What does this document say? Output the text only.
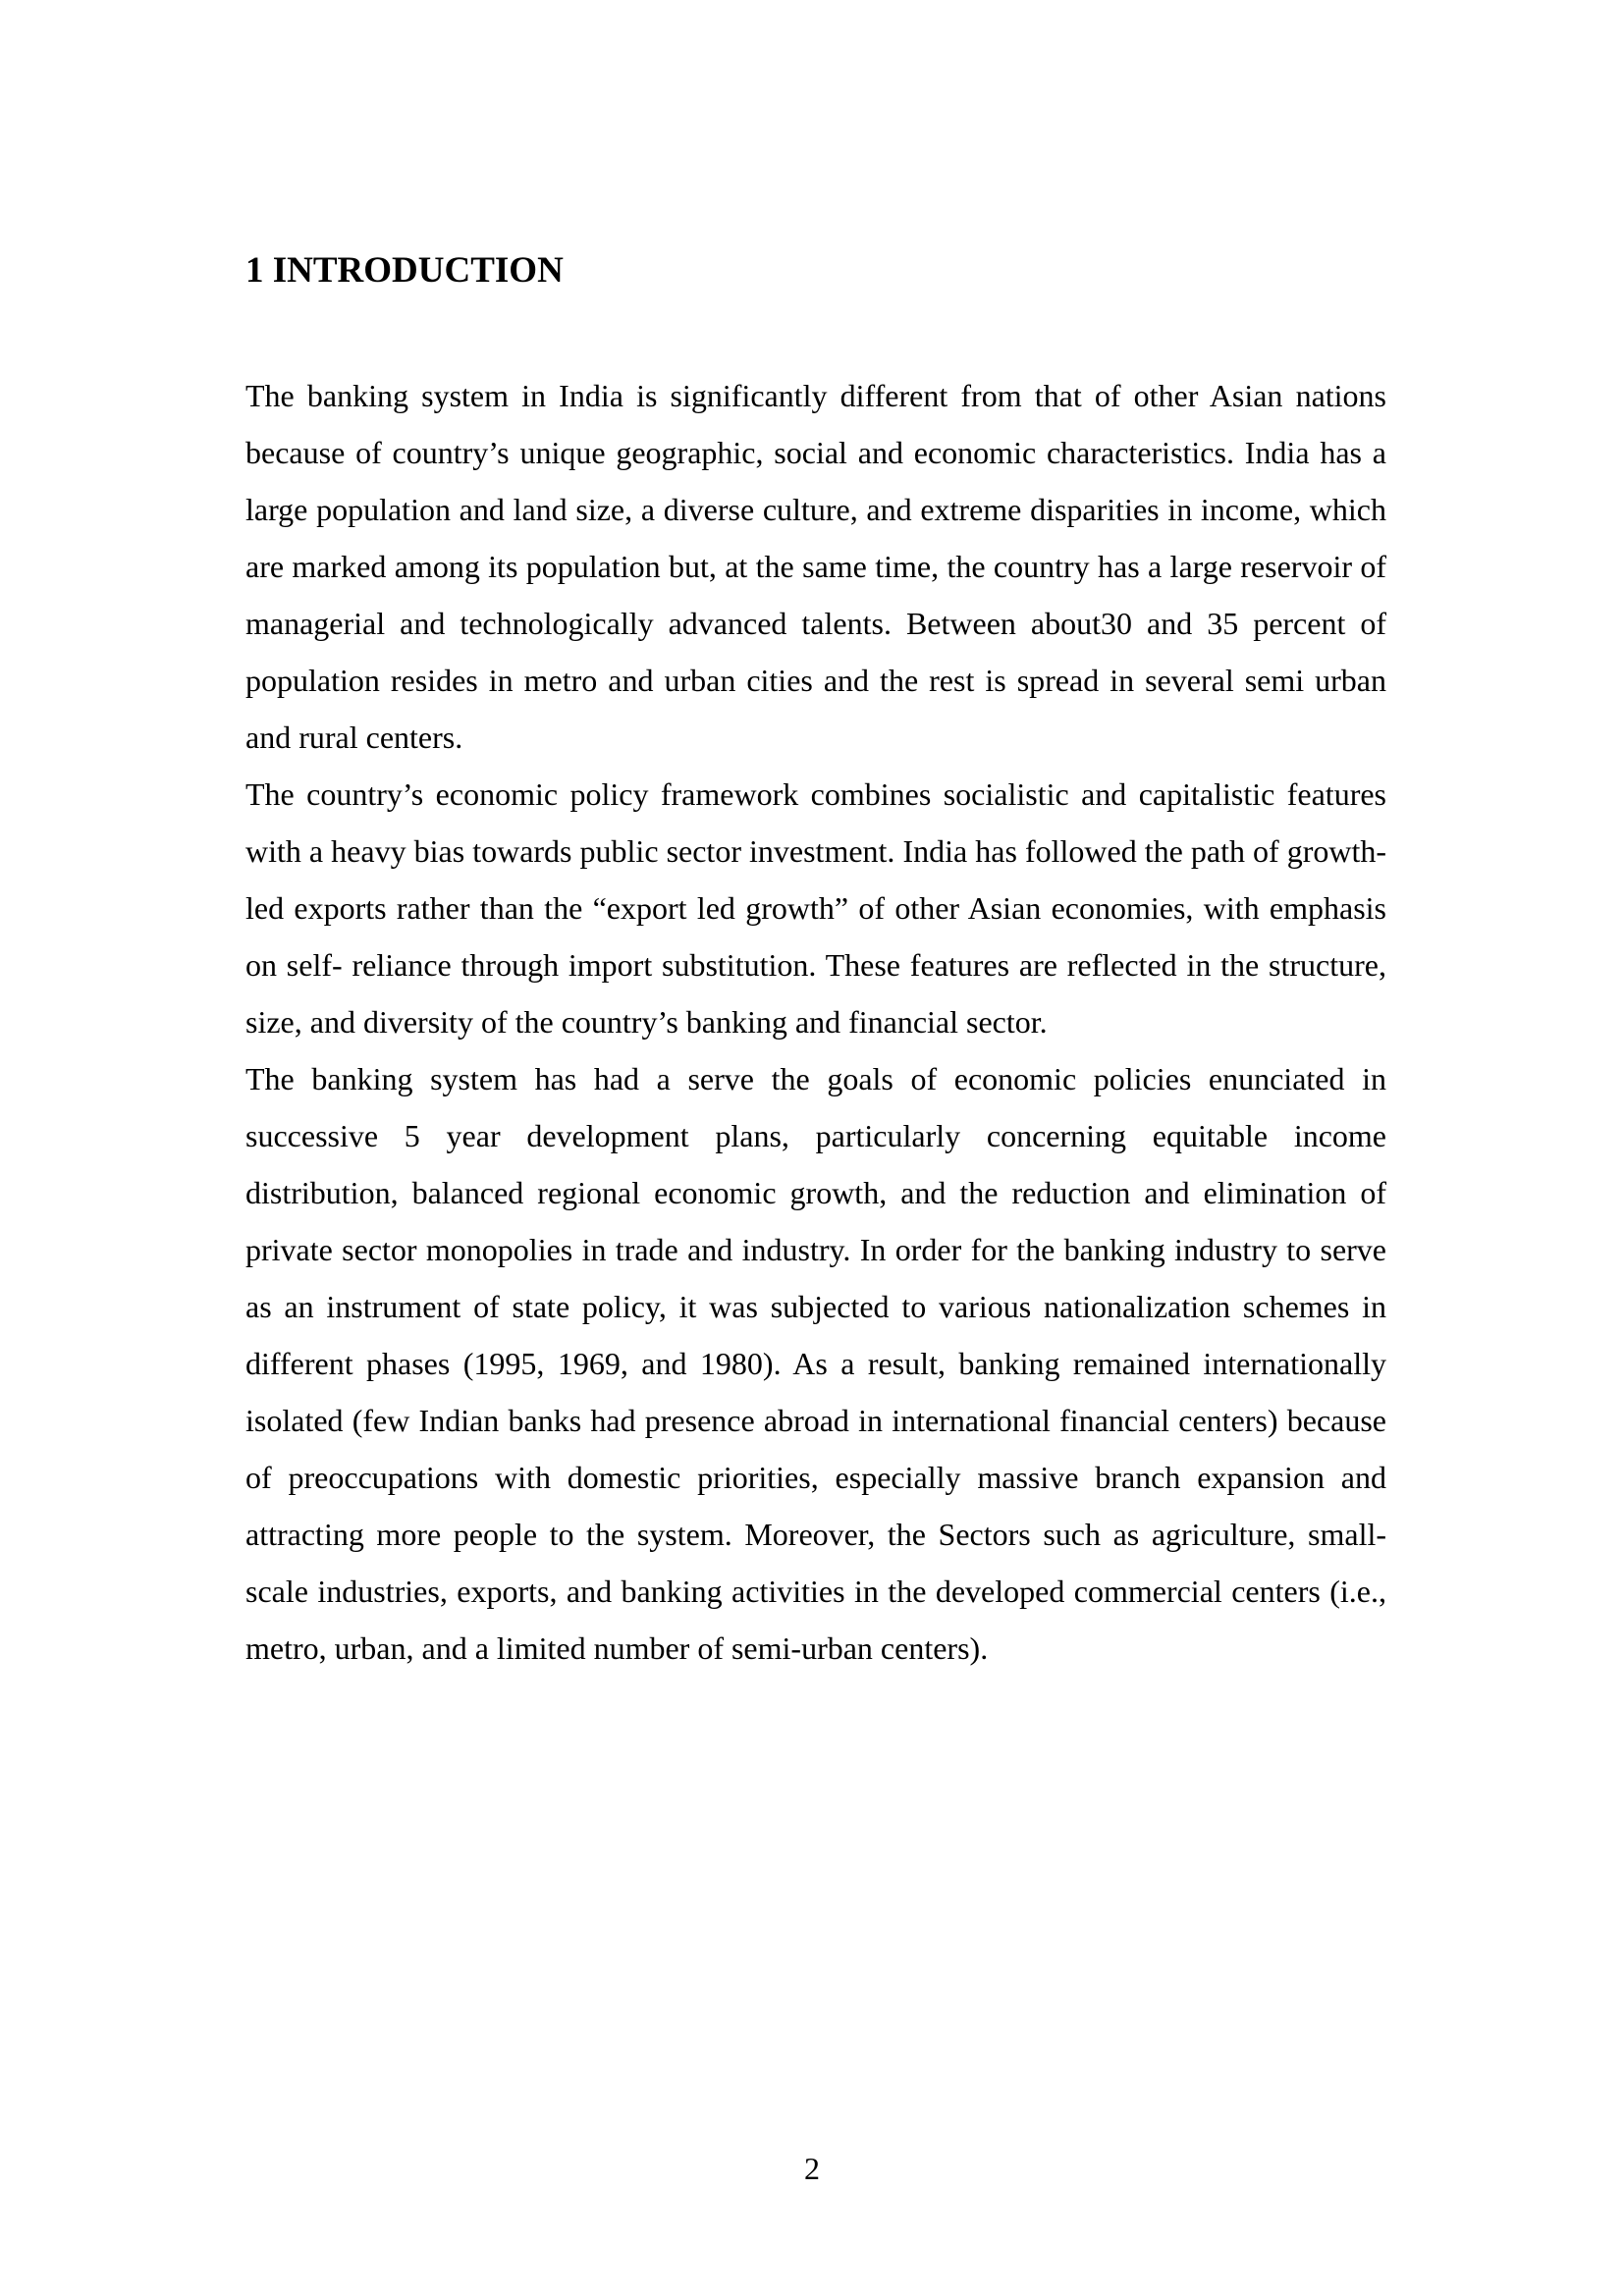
1 INTRODUCTION

The banking system in India is significantly different from that of other Asian nations because of country’s unique geographic, social and economic characteristics. India has a large population and land size, a diverse culture, and extreme disparities in income, which are marked among its population but, at the same time, the country has a large reservoir of managerial and technologically advanced talents. Between about30 and 35 percent of population resides in metro and urban cities and the rest is spread in several semi urban and rural centers.

The country’s economic policy framework combines socialistic and capitalistic features with a heavy bias towards public sector investment. India has followed the path of growth-led exports rather than the “export led growth” of other Asian economies, with emphasis on self- reliance through import substitution. These features are reflected in the structure, size, and diversity of the country’s banking and financial sector.

The banking system has had a serve the goals of economic policies enunciated in successive 5 year development plans, particularly concerning equitable income distribution, balanced regional economic growth, and the reduction and elimination of private sector monopolies in trade and industry. In order for the banking industry to serve as an instrument of state policy, it was subjected to various nationalization schemes in different phases (1995, 1969, and 1980). As a result, banking remained internationally isolated (few Indian banks had presence abroad in international financial centers) because of preoccupations with domestic priorities, especially massive branch expansion and attracting more people to the system. Moreover, the Sectors such as agriculture, small- scale industries, exports, and banking activities in the developed commercial centers (i.e., metro, urban, and a limited number of semi-urban centers).

2
